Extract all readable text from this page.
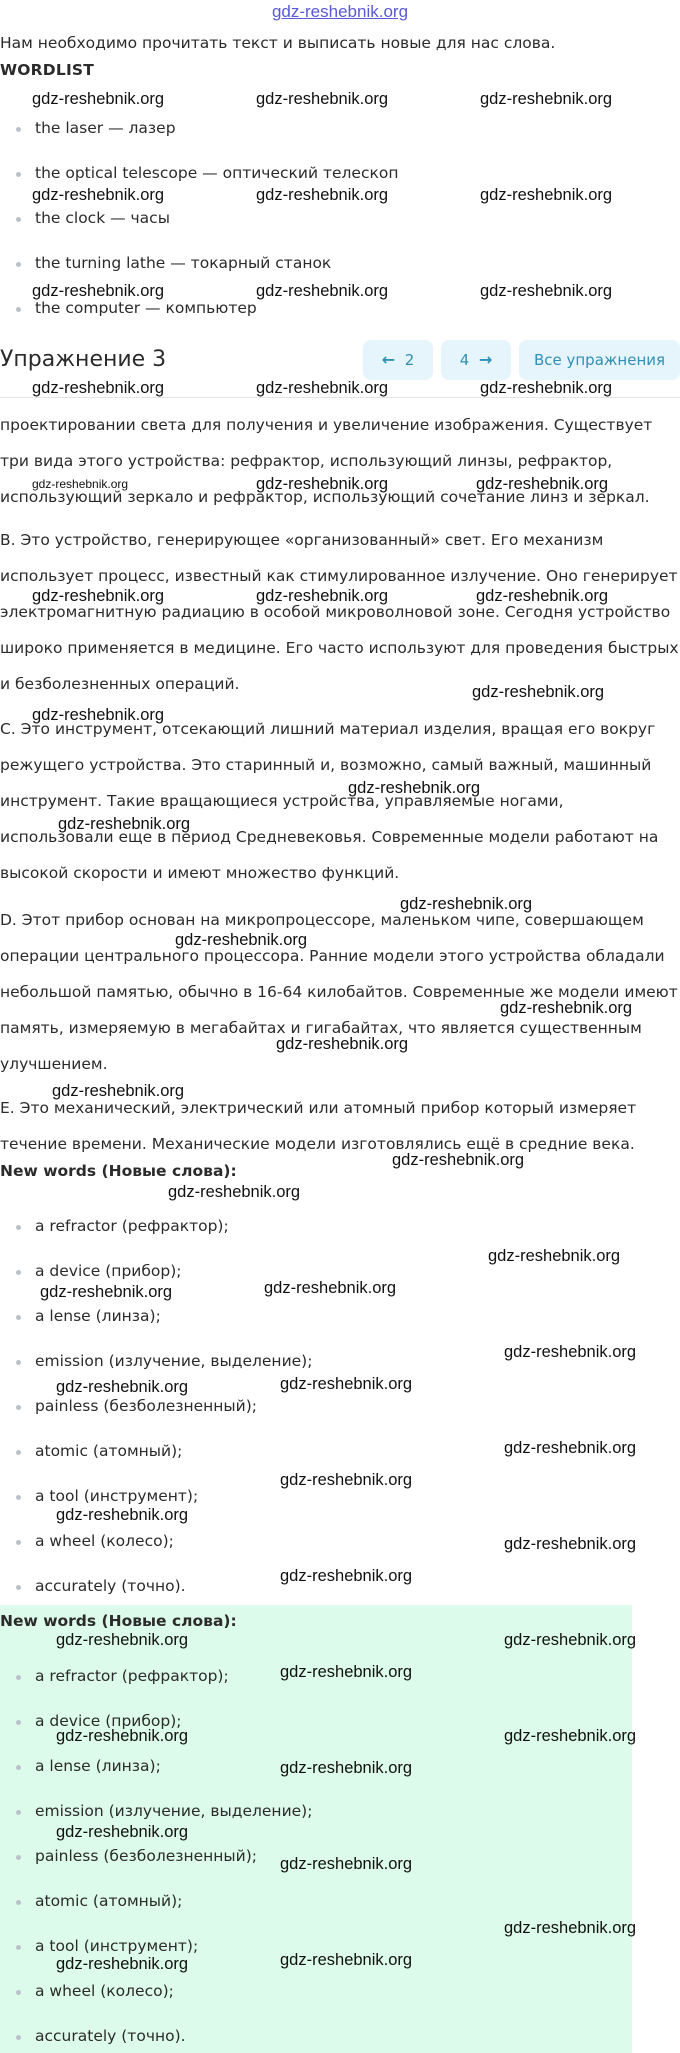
gdz-reshebnik.org
Нам необходимо прочитать текст и выписать новые для нас слова.
WORDLIST
the laser — лазер
the optical telescope — оптический телескоп
the clock — часы
the turning lathe — токарный станок
the computer — компьютер
Упражнение 3	← 2	4 →	Все упражнения

проектировании света для получения и увеличение изображения. Существует три вида этого устройства: рефрактор, использующий линзы, рефрактор, использующий зеркало и рефрактор, использующий сочетание линз и зеркал.

B. Это устройство, генерирующее «организованный» свет. Его механизм использует процесс, известный как стимулированное излучение. Оно генерирует электромагнитную радиацию в особой микроволновой зоне. Сегодня устройство широко применяется в медицине. Его часто используют для проведения быстрых и безболезненных операций.

C. Это инструмент, отсекающий лишний материал изделия, вращая его вокруг режущего устройства. Это старинный и, возможно, самый важный, машинный инструмент. Такие вращающиеся устройства, управляемые ногами, использовали еще в период Средневековья. Современные модели работают на высокой скорости и имеют множество функций.

D. Этот прибор основан на микропроцессоре, маленьком чипе, совершающем операции центрального процессора. Ранние модели этого устройства обладали небольшой памятью, обычно в 16-64 килобайтов. Современные же модели имеют память, измеряемую в мегабайтах и гигабайтах, что является существенным улучшением.

E. Это механический, электрический или атомный прибор который измеряет течение времени. Механические модели изготовлялись ещё в средние века.

New words (Новые слова):
a refractor (рефрактор);
a device (прибор);
a lense (линза);
emission (излучение, выделение);
painless (безболезненный);
atomic (атомный);
a tool (инструмент);
a wheel (колесо);
accurately (точно).
New words (Новые слова):
a refractor (рефрактор);
a device (прибор);
a lense (линза);
emission (излучение, выделение);
painless (безболезненный);
atomic (атомный);
a tool (инструмент);
a wheel (колесо);
accurately (точно).
gdz-reshebnik.org	gdz-reshebnik.org	gdz-reshebnik.org
gdz-reshebnik.org	gdz-reshebnik.org	gdz-reshebnik.org
gdz-reshebnik.org	gdz-reshebnik.org	gdz-reshebnik.org
gdz-reshebnik.org	gdz-reshebnik.org	gdz-reshebnik.org
gdz-reshebnik.org	gdz-reshebnik.org	gdz-reshebnik.org
gdz-reshebnik.org	gdz-reshebnik.org	gdz-reshebnik.org
gdz-reshebnik.org
gdz-reshebnik.org
gdz-reshebnik.org
gdz-reshebnik.org
gdz-reshebnik.org
gdz-reshebnik.org
gdz-reshebnik.org
gdz-reshebnik.org
gdz-reshebnik.org
gdz-reshebnik.org
gdz-reshebnik.org
gdz-reshebnik.org
gdz-reshebnik.org
gdz-reshebnik.org
gdz-reshebnik.org
gdz-reshebnik.org
gdz-reshebnik.org
gdz-reshebnik.org
gdz-reshebnik.org
gdz-reshebnik.org
gdz-reshebnik.org
gdz-reshebnik.org
gdz-reshebnik.org	gdz-reshebnik.org
gdz-reshebnik.org
gdz-reshebnik.org	gdz-reshebnik.org
gdz-reshebnik.org
gdz-reshebnik.org
gdz-reshebnik.org
gdz-reshebnik.org
gdz-reshebnik.org
gdz-reshebnik.org
